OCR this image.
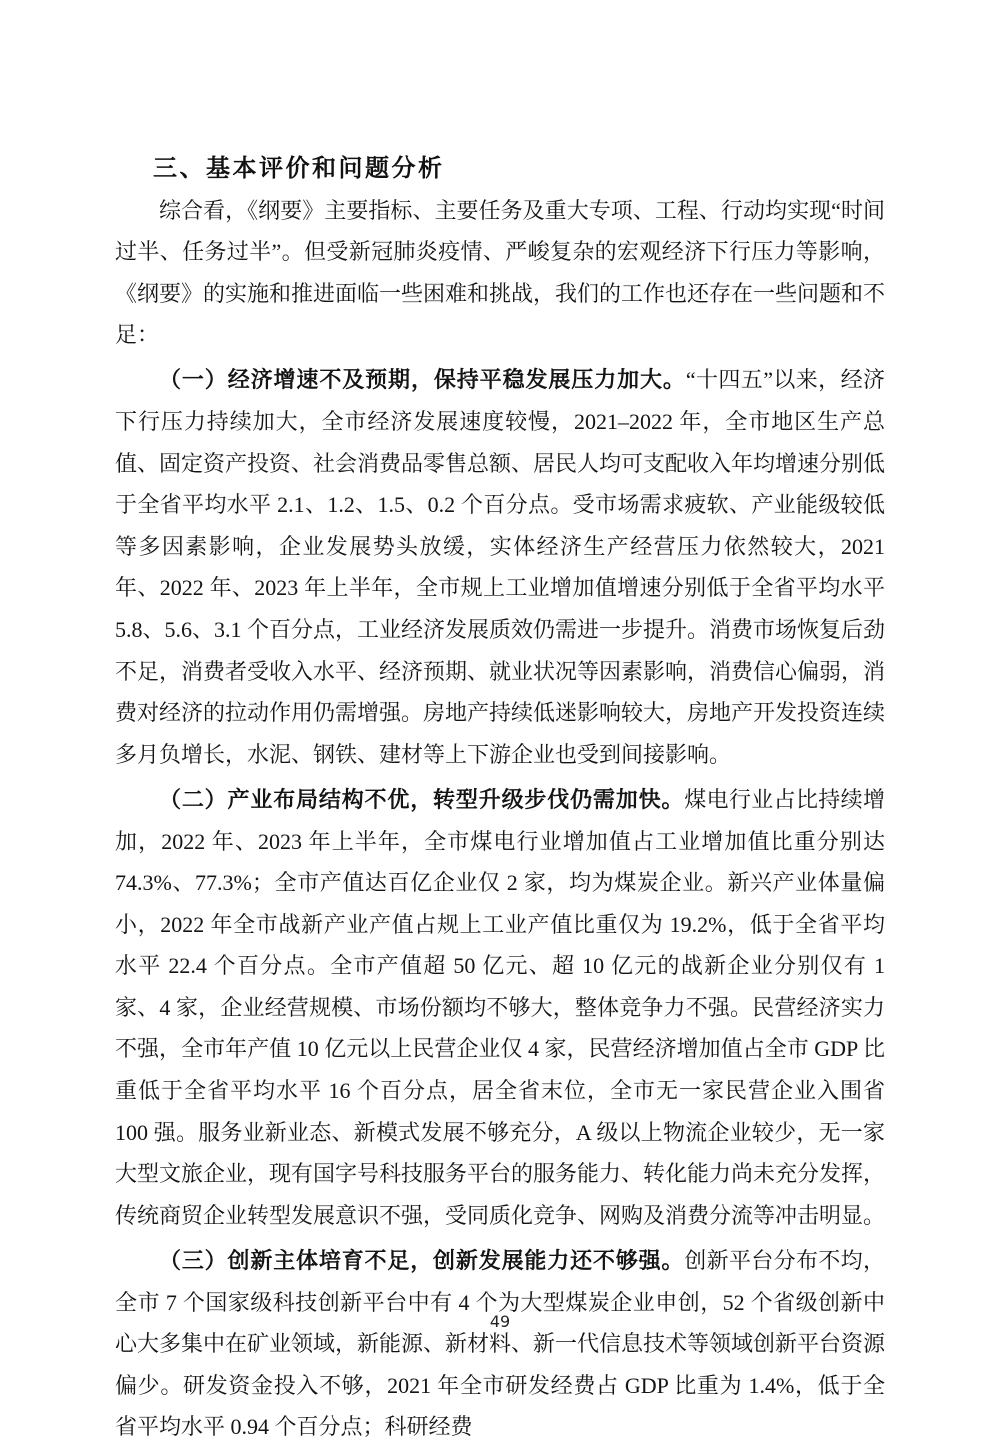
三、基本评价和问题分析

综合看，《纲要》主要指标、主要任务及重大专项、工程、行动均实现“时间过半、任务过半”。但受新冠肺炎疫情、严峻复杂的宏观经济下行压力等影响，《纲要》的实施和推进面临一些困难和挑战，我们的工作也还存在一些问题和不足：

（一）经济增速不及预期，保持平稳发展压力加大。“十四五”以来，经济下行压力持续加大，全市经济发展速度较慢，2021–2022 年，全市地区生产总值、固定资产投资、社会消费品零售总额、居民人均可支配收入年均增速分别低于全省平均水平 2.1、1.2、1.5、0.2 个百分点。受市场需求疲软、产业能级较低等多因素影响，企业发展势头放缓，实体经济生产经营压力依然较大，2021 年、2022 年、2023 年上半年，全市规上工业增加值增速分别低于全省平均水平 5.8、5.6、3.1 个百分点，工业经济发展质效仍需进一步提升。消费市场恢复后劲不足，消费者受收入水平、经济预期、就业状况等因素影响，消费信心偏弱，消费对经济的拉动作用仍需增强。房地产持续低迷影响较大，房地产开发投资连续多月负增长，水泥、钢铁、建材等上下游企业也受到间接影响。

（二）产业布局结构不优，转型升级步伐仍需加快。煤电行业占比持续增加，2022 年、2023 年上半年，全市煤电行业增加值占工业增加值比重分别达 74.3%、77.3%；全市产值达百亿企业仅 2 家，均为煤炭企业。新兴产业体量偏小，2022 年全市战新产业产值占规上工业产值比重仅为 19.2%，低于全省平均水平 22.4 个百分点。全市产值超 50 亿元、超 10 亿元的战新企业分别仅有 1 家、4 家，企业经营规模、市场份额均不够大，整体竞争力不强。民营经济实力不强，全市年产值 10 亿元以上民营企业仅 4 家，民营经济增加值占全市 GDP 比重低于全省平均水平 16 个百分点，居全省末位，全市无一家民营企业入围省 100 强。服务业新业态、新模式发展不够充分，A 级以上物流企业较少，无一家大型文旅企业，现有国字号科技服务平台的服务能力、转化能力尚未充分发挥，传统商贸企业转型发展意识不强，受同质化竞争、网购及消费分流等冲击明显。

（三）创新主体培育不足，创新发展能力还不够强。创新平台分布不均，全市 7 个国家级科技创新平台中有 4 个为大型煤炭企业申创，52 个省级创新中心大多集中在矿业领域，新能源、新材料、新一代信息技术等领域创新平台资源偏少。研发资金投入不够，2021 年全市研发经费占 GDP 比重为 1.4%，低于全省平均水平 0.94 个百分点；科研经费

49
